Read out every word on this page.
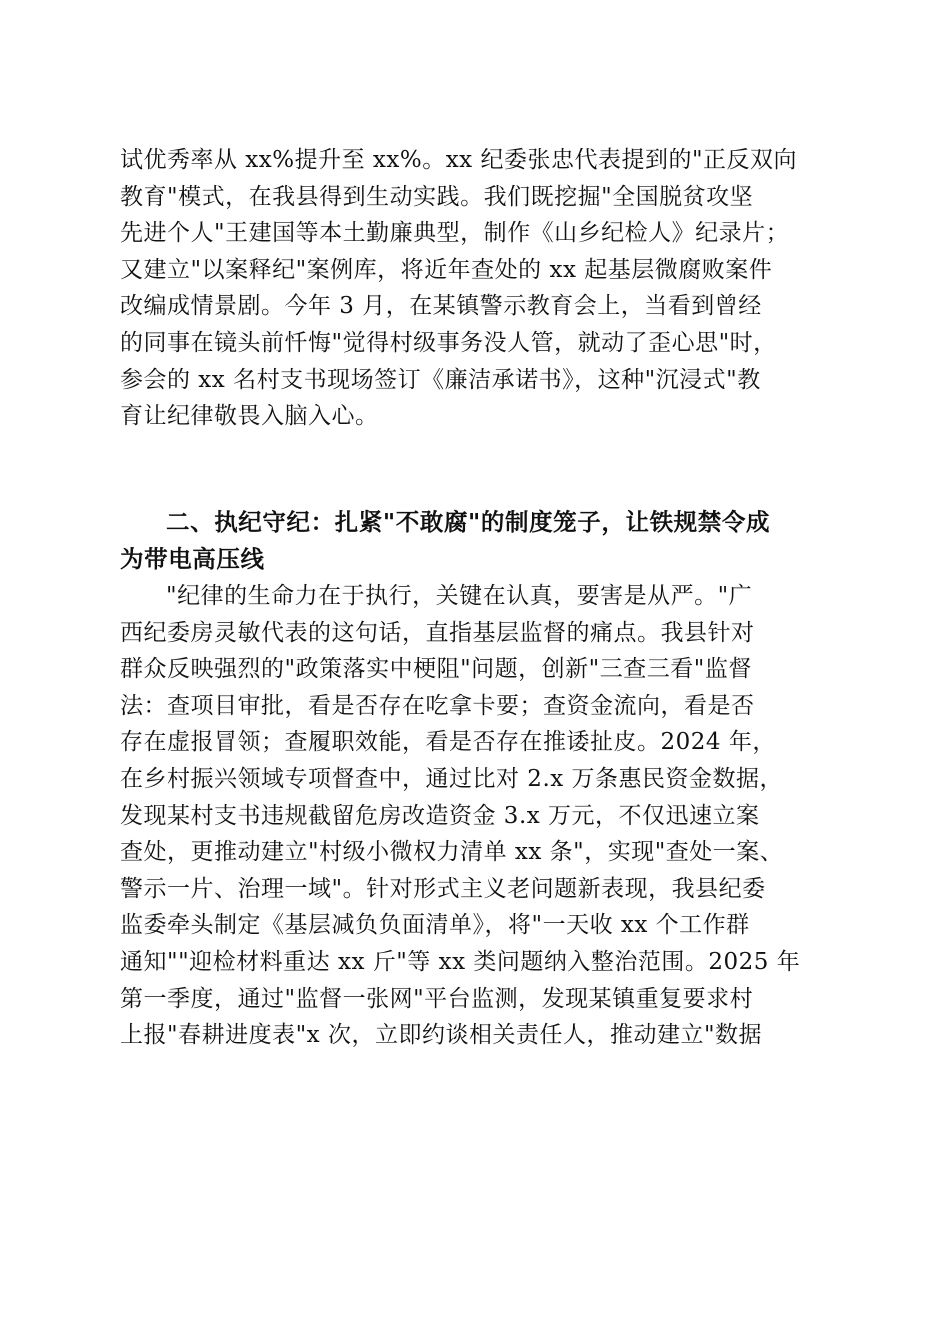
试优秀率从 xx%提升至 xx%。xx 纪委张忠代表提到的"正反双向
教育"模式，在我县得到生动实践。我们既挖掘"全国脱贫攻坚
先进个人"王建国等本土勤廉典型，制作《山乡纪检人》纪录片；
又建立"以案释纪"案例库，将近年查处的 xx 起基层微腐败案件
改编成情景剧。今年 3 月，在某镇警示教育会上，当看到曾经
的同事在镜头前忏悔"觉得村级事务没人管，就动了歪心思"时，
参会的 xx 名村支书现场签订《廉洁承诺书》，这种"沉浸式"教
育让纪律敬畏入脑入心。
二、执纪守纪：扎紧"不敢腐"的制度笼子，让铁规禁令成
为带电高压线
"纪律的生命力在于执行，关键在认真，要害是从严。"广
西纪委房灵敏代表的这句话，直指基层监督的痛点。我县针对
群众反映强烈的"政策落实中梗阻"问题，创新"三查三看"监督
法：查项目审批，看是否存在吃拿卡要；查资金流向，看是否
存在虚报冒领；查履职效能，看是否存在推诿扯皮。2024 年，
在乡村振兴领域专项督查中，通过比对 2.x 万条惠民资金数据，
发现某村支书违规截留危房改造资金 3.x 万元，不仅迅速立案
查处，更推动建立"村级小微权力清单 xx 条"，实现"查处一案、
警示一片、治理一域"。针对形式主义老问题新表现，我县纪委
监委牵头制定《基层减负负面清单》，将"一天收 xx 个工作群
通知""迎检材料重达 xx 斤"等 xx 类问题纳入整治范围。2025 年
第一季度，通过"监督一张网"平台监测，发现某镇重复要求村
上报"春耕进度表"x 次，立即约谈相关责任人，推动建立"数据
